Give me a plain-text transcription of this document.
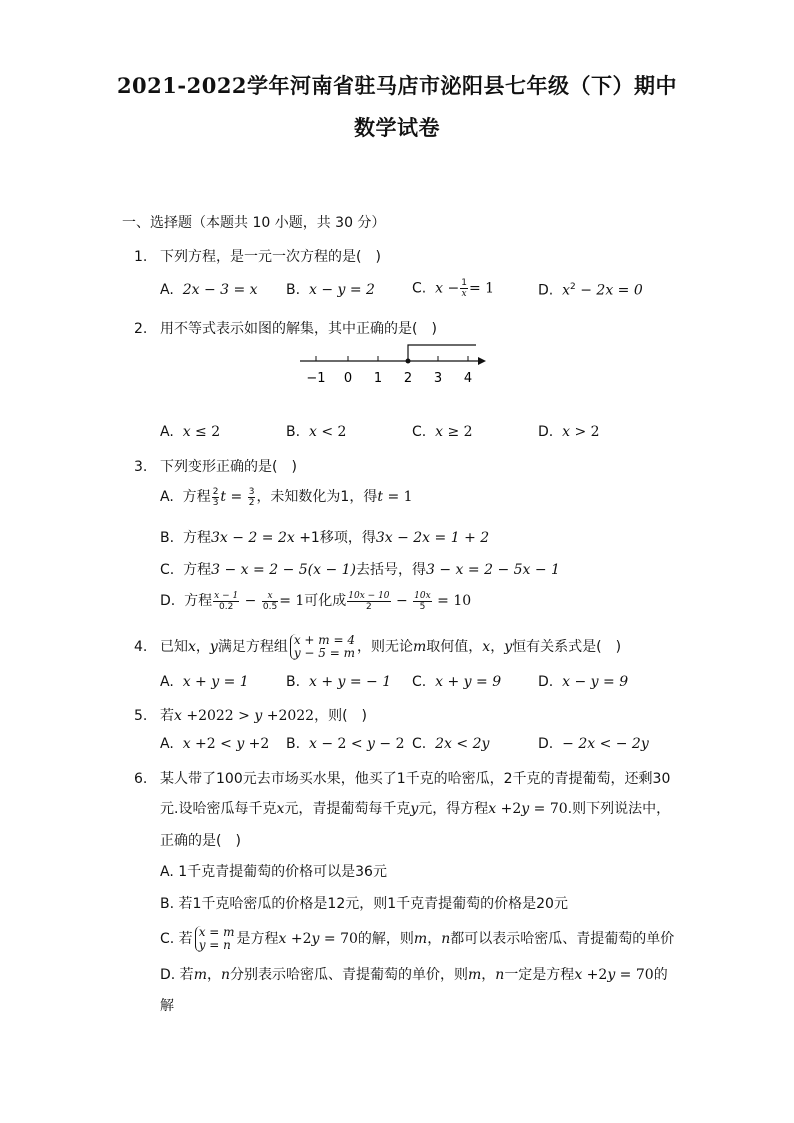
2021-2022学年河南省驻马店市泌阳县七年级（下）期中
数学试卷
一、选择题（本题共 10 小题，共 30 分）
1. 下列方程，是一元一次方程的是(　)
A. 2x − 3 = x B. x − y = 2	C. $x - \frac{1}{x} = 1$	D. $x^2 - 2x = 0$
2. 用不等式表示如图的解集，其中正确的是(　)
−1 0 1 2 3 4
A. x ≤ 2	B. x < 2	C. x ≥ 2	D. x > 2
3. 下列变形正确的是(　)
A.  方程 $\frac{2}{3}$ $t = \frac{3}{2}$ ，未知数化为1，得t = 1
B.  方程3x − 2 = 2x +1移项，得3x − 2x = 1 + 2
C.  方程3 − x = 2 − 5(x − 1)去括号，得3 − x = 2 − 5x − 1
D.  方程 $\frac{x - 1}{0.2} - \frac{x}{0.5} = 1$可化成 $\frac{10x - 10}{2} - \frac{10x}{5} = 10$
4. 已知x，y满足方程组 x + m = 4
y − 5 = m ，则无论m取何值，x，y恒有关系式是(　)
A. x + y = 1	B. x + y = − 1 C. x + y = 9	D. x − y = 9
5. 若x +2022 > y +2022，则(　)
A. x +2 < y +2 B. x − 2 < y − 2 C. 2x < 2y	D. − 2x < − 2y
6. 某人带了100元去市场买水果，他买了1千克的哈密瓜，2千克的青提葡萄，还剩30
元.设哈密瓜每千克x元，青提葡萄每千克y元，得方程x +2y = 70.则下列说法中，
正确的是(　)
A. 1千克青提葡萄的价格可以是36元
B. 若1千克哈密瓜的价格是12元，则1千克青提葡萄的价格是20元
C. 若 x = m
y = n 是方程x +2y = 70的解，则m，n都可以表示哈密瓜、青提葡萄的单价
D. 若m，n分别表示哈密瓜、青提葡萄的单价，则m，n一定是方程x +2y = 70的
解
